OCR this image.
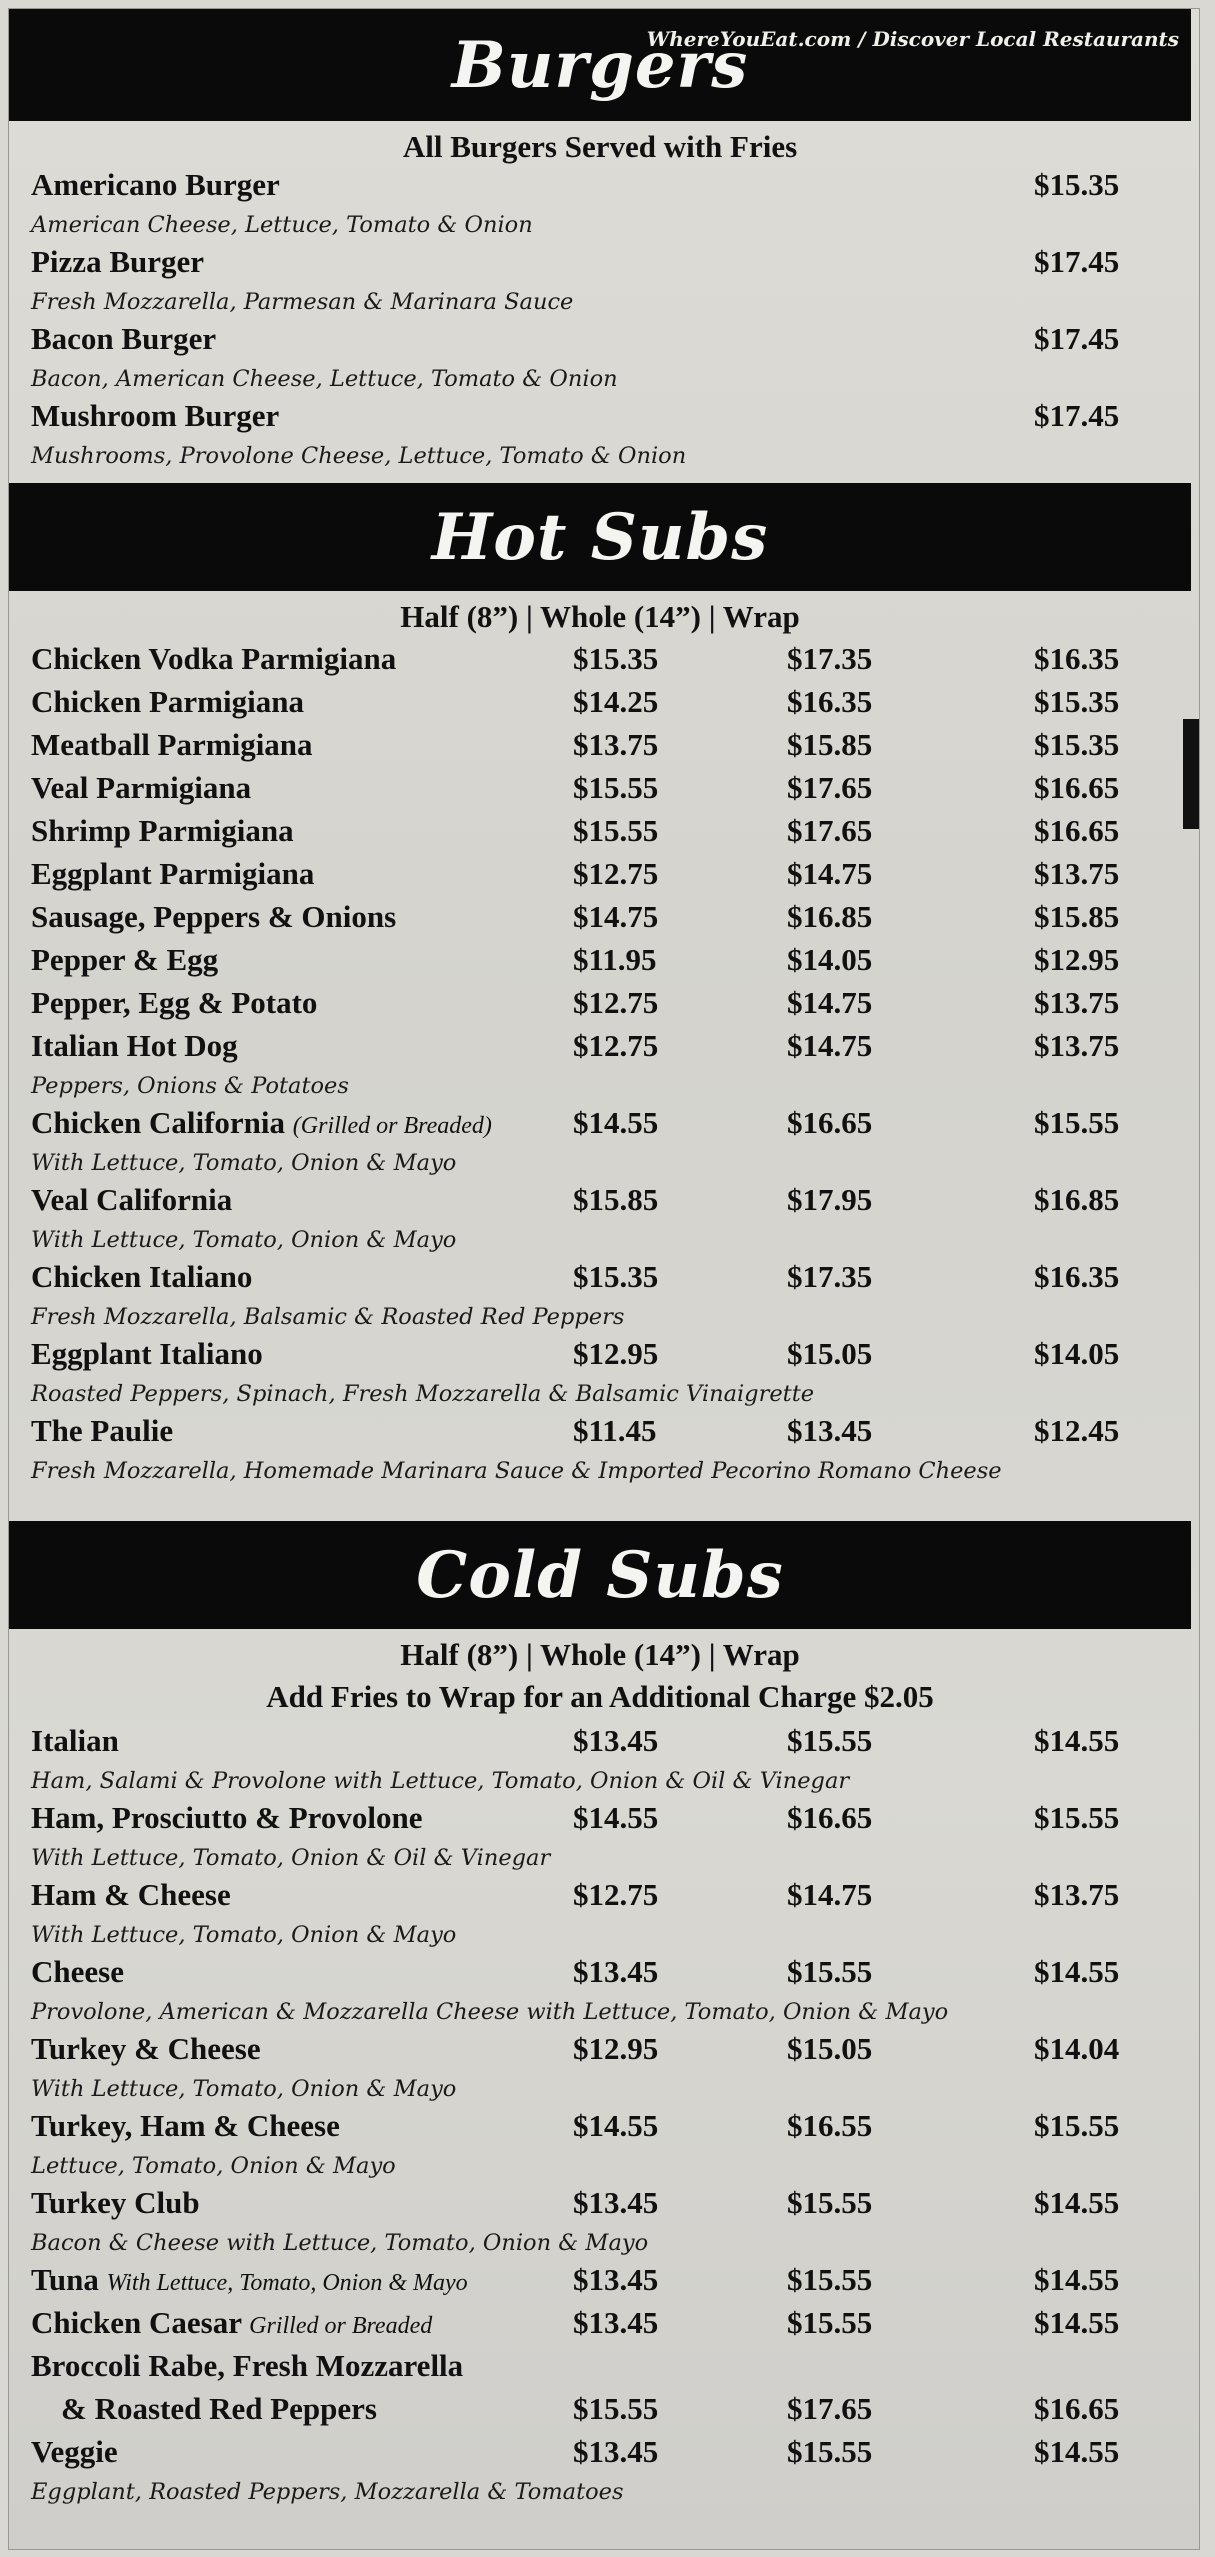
Burgers
WhereYouEat.com / Discover Local Restaurants
All Burgers Served with Fries
Americano Burger	$15.35
American Cheese, Lettuce, Tomato & Onion
Pizza Burger	$17.45
Fresh Mozzarella, Parmesan & Marinara Sauce
Bacon Burger	$17.45
Bacon, American Cheese, Lettuce, Tomato & Onion
Mushroom Burger	$17.45
Mushrooms, Provolone Cheese, Lettuce, Tomato & Onion
Hot Subs
Half (8”) | Whole (14”) | Wrap
Chicken Vodka Parmigiana	$15.35	$17.35	$16.35
Chicken Parmigiana	$14.25	$16.35	$15.35
Meatball Parmigiana	$13.75	$15.85	$15.35
Veal Parmigiana	$15.55	$17.65	$16.65
Shrimp Parmigiana	$15.55	$17.65	$16.65
Eggplant Parmigiana	$12.75	$14.75	$13.75
Sausage, Peppers & Onions	$14.75	$16.85	$15.85
Pepper & Egg	$11.95	$14.05	$12.95
Pepper, Egg & Potato	$12.75	$14.75	$13.75
Italian Hot Dog	$12.75	$14.75	$13.75
Peppers, Onions & Potatoes
Chicken California (Grilled or Breaded)	$14.55	$16.65	$15.55
With Lettuce, Tomato, Onion & Mayo
Veal California	$15.85	$17.95	$16.85
With Lettuce, Tomato, Onion & Mayo
Chicken Italiano	$15.35	$17.35	$16.35
Fresh Mozzarella, Balsamic & Roasted Red Peppers
Eggplant Italiano	$12.95	$15.05	$14.05
Roasted Peppers, Spinach, Fresh Mozzarella & Balsamic Vinaigrette
The Paulie	$11.45	$13.45	$12.45
Fresh Mozzarella, Homemade Marinara Sauce & Imported Pecorino Romano Cheese
Cold Subs
Half (8”) | Whole (14”) | Wrap
Add Fries to Wrap for an Additional Charge $2.05
Italian	$13.45	$15.55	$14.55
Ham, Salami & Provolone with Lettuce, Tomato, Onion & Oil & Vinegar
Ham, Prosciutto & Provolone	$14.55	$16.65	$15.55
With Lettuce, Tomato, Onion & Oil & Vinegar
Ham & Cheese	$12.75	$14.75	$13.75
With Lettuce, Tomato, Onion & Mayo
Cheese	$13.45	$15.55	$14.55
Provolone, American & Mozzarella Cheese with Lettuce, Tomato, Onion & Mayo
Turkey & Cheese	$12.95	$15.05	$14.04
With Lettuce, Tomato, Onion & Mayo
Turkey, Ham & Cheese	$14.55	$16.55	$15.55
Lettuce, Tomato, Onion & Mayo
Turkey Club	$13.45	$15.55	$14.55
Bacon & Cheese with Lettuce, Tomato, Onion & Mayo
Tuna With Lettuce, Tomato, Onion & Mayo	$13.45	$15.55	$14.55
Chicken Caesar Grilled or Breaded	$13.45	$15.55	$14.55
Broccoli Rabe, Fresh Mozzarella
& Roasted Red Peppers	$15.55	$17.65	$16.65
Veggie	$13.45	$15.55	$14.55
Eggplant, Roasted Peppers, Mozzarella & Tomatoes
